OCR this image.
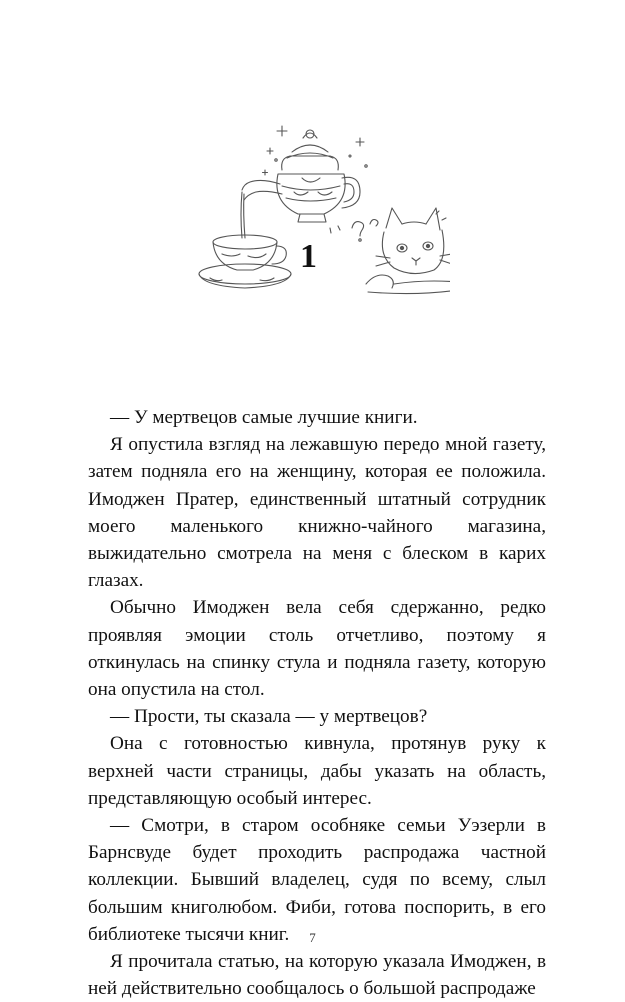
1

— У мертвецов самые лучшие книги.

Я опустила взгляд на лежавшую передо мной газету, затем подняла его на женщину, которая ее положила. Имоджен Пратер, единственный штатный сотрудник моего маленького книжно-чайного магазина, выжидательно смотрела на меня с блеском в карих глазах.

Обычно Имоджен вела себя сдержанно, редко проявляя эмоции столь отчетливо, поэтому я откинулась на спинку стула и подняла газету, которую она опустила на стол.

— Прости, ты сказала — у мертвецов?

Она с готовностью кивнула, протянув руку к верхней части страницы, дабы указать на область, представляющую особый интерес.

— Смотри, в старом особняке семьи Уэзерли в Барнсвуде будет проходить распродажа частной коллекции. Бывший владелец, судя по всему, слыл большим книголюбом. Фиби, готова поспорить, в его библиотеке тысячи книг.

Я прочитала статью, на которую указала Имоджен, в ней действительно сообщалось о большой распродаже

7
